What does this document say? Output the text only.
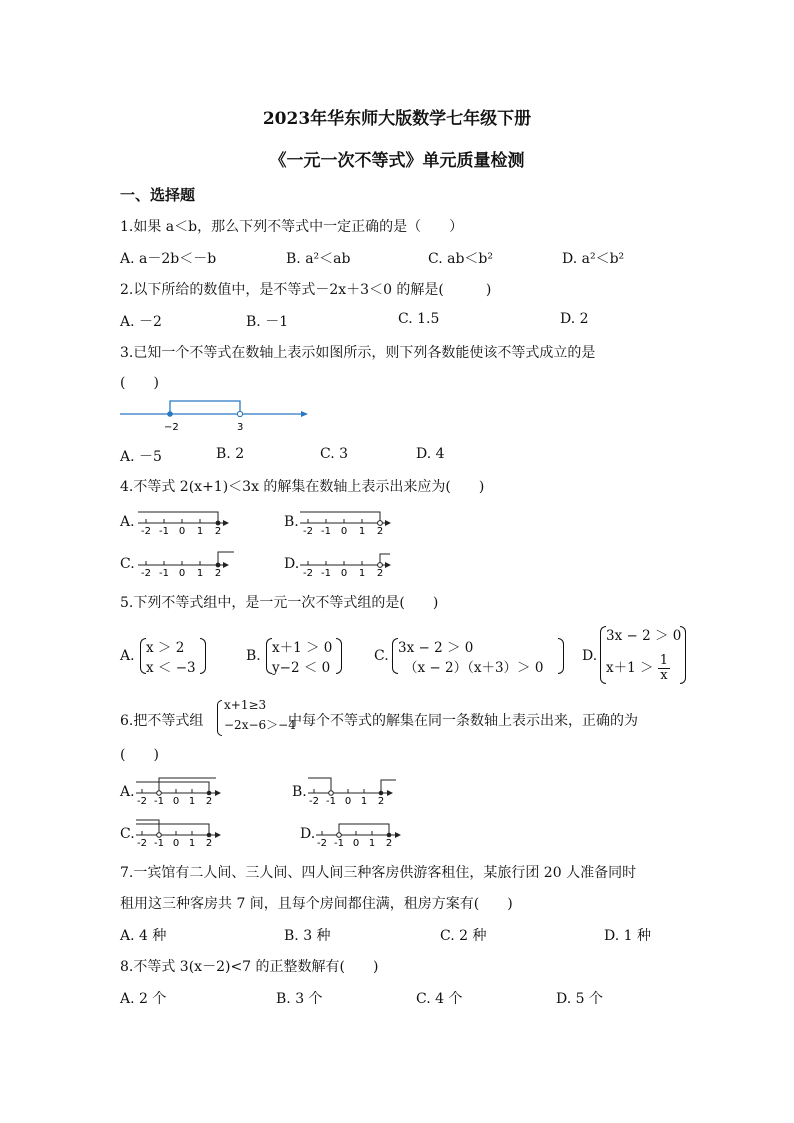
2023年华东师大版数学七年级下册
《一元一次不等式》单元质量检测
一、选择题
1.如果 a＜b，那么下列不等式中一定正确的是（　　）
A. a－2b＜－b	B. a²＜ab	C. ab＜b²	D. a²＜b²
2.以下所给的数值中，是不等式－2x＋3＜0 的解是(　　　)
A. －2	B. －1	C. 1.5	D. 2
3.已知一个不等式在数轴上表示如图所示，则下列各数能使该不等式成立的是
(　　)
−2	3
A. －5	B. 2	C. 3	D. 4
4.不等式 2(x+1)＜3x 的解集在数轴上表示出来应为(　　)
A.
-2 -1 0 1 2
B.
-2 -1 0 1 2
C.
-2 -1 0 1 2
D.
-2 -1 0 1 2
5.下列不等式组中，是一元一次不等式组的是(　　)
A. x ＞ 2
x ＜ −3
B. x＋1 ＞ 0
y−2 ＜ 0
C. 3x − 2 ＞ 0
（x − 2）（x＋3）＞ 0
D.
3x − 2 ＞ 0
$x+1 > \frac{1}{x}$
6.把不等式组
x+1≥3
−2x−6＞−4
中每个不等式的解集在同一条数轴上表示出来，正确的为
(　　)
A.
-2 -1 0 1 2
B.
-2 -1 0 1 2
C.
-2 -1 0 1 2
D.
-2 -1 0 1 2
7.一宾馆有二人间、三人间、四人间三种客房供游客租住，某旅行团 20 人准备同时
租用这三种客房共 7 间，且每个房间都住满，租房方案有(　　)
A. 4 种	B. 3 种	C. 2 种	D. 1 种
8.不等式 3(x－2)<7 的正整数解有(　　)
A. 2 个	B. 3 个	C. 4 个	D. 5 个
